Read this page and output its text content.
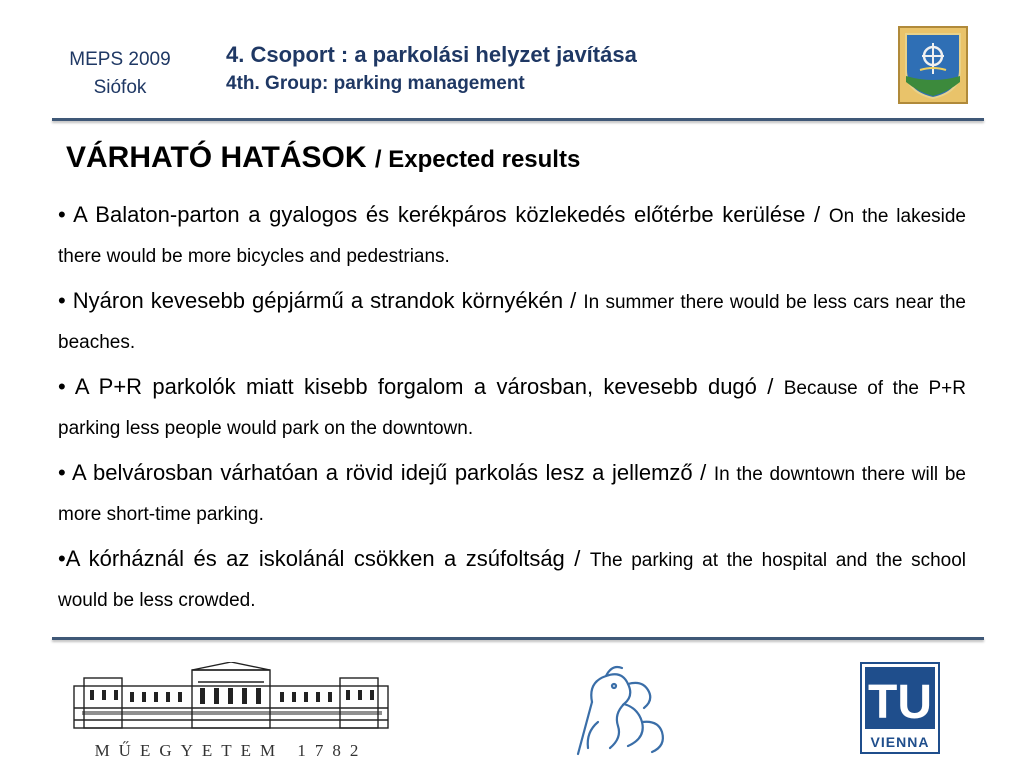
MEPS 2009
Siófok
4. Csoport : a parkolási helyzet javítása
4th. Group: parking management
VÁRHATÓ HATÁSOK / Expected results
• A Balaton-parton a gyalogos és kerékpáros közlekedés előtérbe kerülése / On the lakeside there would be more bicycles and pedestrians.
• Nyáron kevesebb gépjármű a strandok környékén / In summer there would be less cars near the beaches.
• A P+R parkolók miatt kisebb forgalom a városban, kevesebb dugó / Because of the P+R parking less people would park on the downtown.
• A belvárosban várhatóan a rövid idejű parkolás lesz a jellemző / In the downtown there will be more short-time parking.
•A kórháznál és az iskolánál csökken a zsúfoltság / The parking at the hospital and the school would be less crowded.
MŰEGYETEM 1782
TU
VIENNA
